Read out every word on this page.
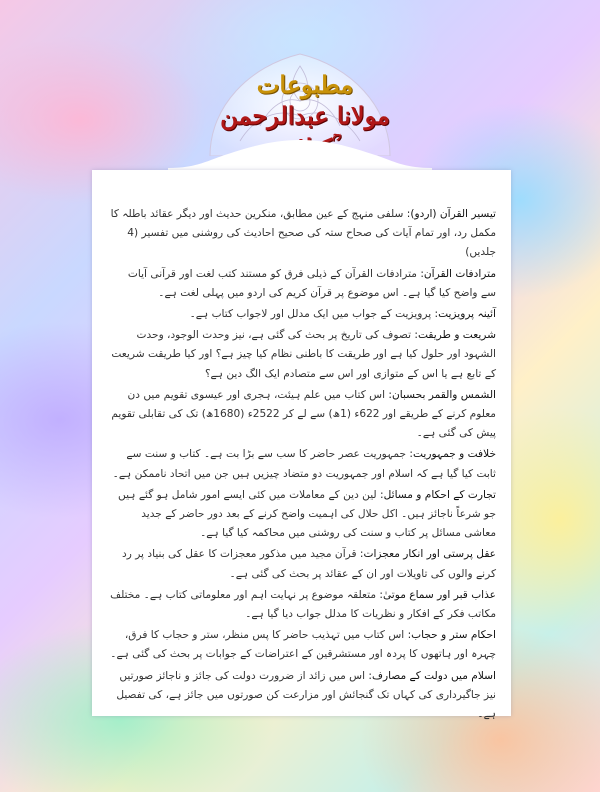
مطبوعات
مولانا عبدالرحمن

تیسیر القرآن (اردو): سلفی منہج کے عین مطابق، منکرین حدیث اور دیگر عقائد باطلہ کا مکمل رد، اور تمام آیات کی صحاح ستہ کی صحیح احادیث کی روشنی میں تفسیر (4 جلدیں)

مترادفات القرآن: مترادفات القرآن کے ذیلی فرق کو مستند کتب لغت اور قرآنی آیات سے واضح کیا گیا ہے۔ اس موضوع پر قرآن کریم کی اردو میں پہلی لغت ہے۔

آئینہ پرویزیت: پرویزیت کے جواب میں ایک مدلل اور لاجواب کتاب ہے۔

شریعت و طریقت: تصوف کی تاریخ پر بحث کی گئی ہے، نیز وحدت الوجود، وحدت الشہود اور حلول کیا ہے اور طریقت کا باطنی نظام کیا چیز ہے؟ اور کیا طریقت شریعت کے تابع ہے یا اس کے متوازی اور اس سے متصادم ایک الگ دین ہے؟

الشمس والقمر بحسبان: اس کتاب میں علم ہیئت، ہجری اور عیسوی تقویم میں دن معلوم کرنے کے طریقے اور 622ء (1ھ) سے لے کر 2522ء (1680ھ) تک کی تقابلی تقویم پیش کی گئی ہے۔

خلافت و جمہوریت: جمہوریت عصر حاضر کا سب سے بڑا بت ہے۔ کتاب و سنت سے ثابت کیا گیا ہے کہ اسلام اور جمہوریت دو متضاد چیزیں ہیں جن میں اتحاد ناممکن ہے۔

تجارت کے احکام و مسائل: لین دین کے معاملات میں کئی ایسے امور شامل ہو گئے ہیں جو شرعاً ناجائز ہیں۔ اکل حلال کی اہمیت واضح کرنے کے بعد دور حاضر کے جدید معاشی مسائل پر کتاب و سنت کی روشنی میں محاکمہ کیا گیا ہے۔

عقل پرستی اور انکار معجزات: قرآن مجید میں مذکور معجزات کا عقل کی بنیاد پر رد کرنے والوں کی تاویلات اور ان کے عقائد پر بحث کی گئی ہے۔

عذاب قبر اور سماع موتیٰ: متعلقہ موضوع پر نہایت اہم اور معلوماتی کتاب ہے۔ مختلف مکاتب فکر کے افکار و نظریات کا مدلل جواب دیا گیا ہے۔

احکام ستر و حجاب: اس کتاب میں تہذیب حاضر کا پس منظر، ستر و حجاب کا فرق، چہرہ اور ہاتھوں کا پردہ اور مستشرقین کے اعتراضات کے جوابات پر بحث کی گئی ہے۔

اسلام میں دولت کے مصارف: اس میں زائد از ضرورت دولت کی جائز و ناجائز صورتیں نیز جاگیرداری کی کہاں تک گنجائش اور مزارعت کن صورتوں میں جائز ہے، کی تفصیل ہے۔
